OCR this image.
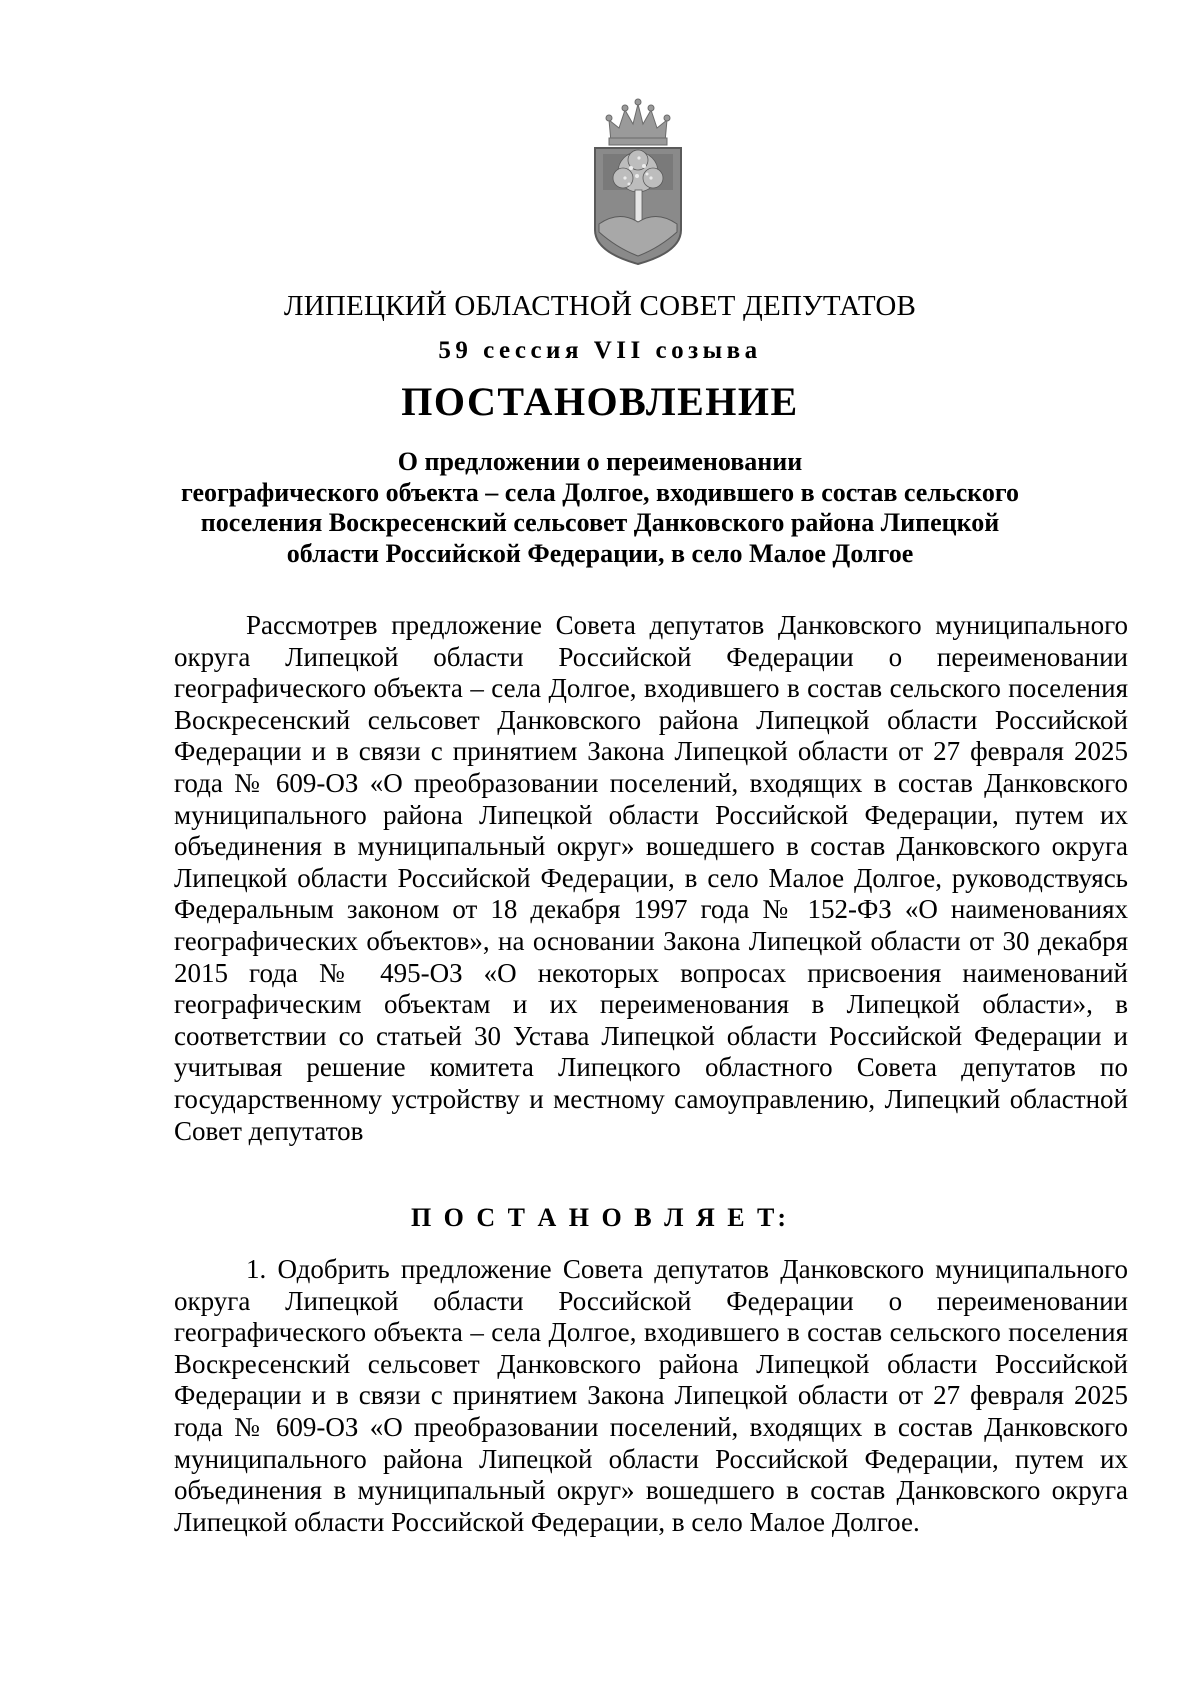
ЛИПЕЦКИЙ ОБЛАСТНОЙ СОВЕТ ДЕПУТАТОВ
59 сессия VII созыва
ПОСТАНОВЛЕНИЕ
О предложении о переименовании
географического объекта – села Долгое, входившего в состав сельского
поселения Воскресенский сельсовет Данковского района Липецкой
области Российской Федерации, в село Малое Долгое
Рассмотрев предложение Совета депутатов Данковского муниципального округа Липецкой области Российской Федерации о переименовании географического объекта – села Долгое, входившего в состав сельского поселения Воскресенский сельсовет Данковского района Липецкой области Российской Федерации и в связи с принятием Закона Липецкой области от 27 февраля 2025 года № 609-ОЗ «О преобразовании поселений, входящих в состав Данковского муниципального района Липецкой области Российской Федерации, путем их объединения в муниципальный округ» вошедшего в состав Данковского округа Липецкой области Российской Федерации, в село Малое Долгое, руководствуясь Федеральным законом от 18 декабря 1997 года № 152-ФЗ «О наименованиях географических объектов», на основании Закона Липецкой области от 30 декабря 2015 года № 495-ОЗ «О некоторых вопросах присвоения наименований географическим объектам и их переименования в Липецкой области», в соответствии со статьей 30 Устава Липецкой области Российской Федерации и учитывая решение комитета Липецкого областного Совета депутатов по государственному устройству и местному самоуправлению, Липецкий областной Совет депутатов
П О С Т А Н О В Л Я Е Т:
1. Одобрить предложение Совета депутатов Данковского муниципального округа Липецкой области Российской Федерации о переименовании географического объекта – села Долгое, входившего в состав сельского поселения Воскресенский сельсовет Данковского района Липецкой области Российской Федерации и в связи с принятием Закона Липецкой области от 27 февраля 2025 года № 609-ОЗ «О преобразовании поселений, входящих в состав Данковского муниципального района Липецкой области Российской Федерации, путем их объединения в муниципальный округ» вошедшего в состав Данковского округа Липецкой области Российской Федерации, в село Малое Долгое.
